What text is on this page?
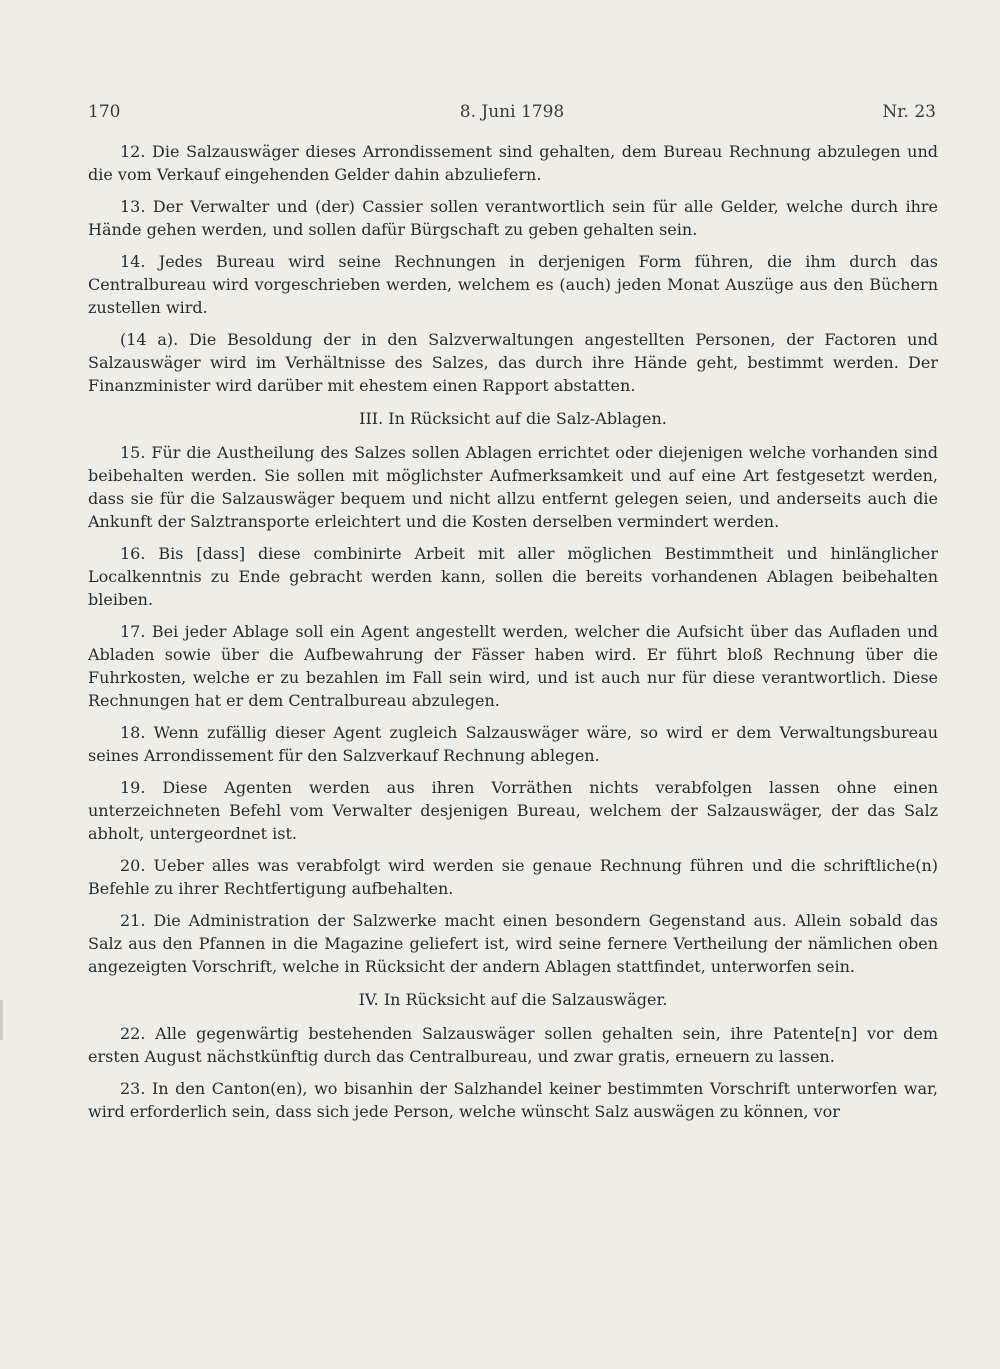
170	8. Juni 1798	Nr. 23

12. Die Salzauswäger dieses Arrondissement sind gehalten, dem Bureau Rechnung abzulegen und die vom Verkauf eingehenden Gelder dahin abzuliefern.

13. Der Verwalter und (der) Cassier sollen verantwortlich sein für alle Gelder, welche durch ihre Hände gehen werden, und sollen dafür Bürgschaft zu geben gehalten sein.

14. Jedes Bureau wird seine Rechnungen in derjenigen Form führen, die ihm durch das Centralbureau wird vorgeschrieben werden, welchem es (auch) jeden Monat Auszüge aus den Büchern zustellen wird.

(14 a). Die Besoldung der in den Salzverwaltungen angestellten Personen, der Factoren und Salzauswäger wird im Verhältnisse des Salzes, das durch ihre Hände geht, bestimmt werden. Der Finanzminister wird darüber mit ehestem einen Rapport abstatten.

III. In Rücksicht auf die Salz-Ablagen.

15. Für die Austheilung des Salzes sollen Ablagen errichtet oder diejenigen welche vorhanden sind beibehalten werden. Sie sollen mit möglichster Aufmerksamkeit und auf eine Art festgesetzt werden, dass sie für die Salzauswäger bequem und nicht allzu entfernt gelegen seien, und anderseits auch die Ankunft der Salztransporte erleichtert und die Kosten derselben vermindert werden.

16. Bis [dass] diese combinirte Arbeit mit aller möglichen Bestimmtheit und hinlänglicher Localkenntnis zu Ende gebracht werden kann, sollen die bereits vorhandenen Ablagen beibehalten bleiben.

17. Bei jeder Ablage soll ein Agent angestellt werden, welcher die Aufsicht über das Aufladen und Abladen sowie über die Aufbewahrung der Fässer haben wird. Er führt bloß Rechnung über die Fuhrkosten, welche er zu bezahlen im Fall sein wird, und ist auch nur für diese verantwortlich. Diese Rechnungen hat er dem Centralbureau abzulegen.

18. Wenn zufällig dieser Agent zugleich Salzauswäger wäre, so wird er dem Verwaltungsbureau seines Arrondissement für den Salzverkauf Rechnung ablegen.

19. Diese Agenten werden aus ihren Vorräthen nichts verabfolgen lassen ohne einen unterzeichneten Befehl vom Verwalter desjenigen Bureau, welchem der Salzauswäger, der das Salz abholt, untergeordnet ist.

20. Ueber alles was verabfolgt wird werden sie genaue Rechnung führen und die schriftliche(n) Befehle zu ihrer Rechtfertigung aufbehalten.

21. Die Administration der Salzwerke macht einen besondern Gegenstand aus. Allein sobald das Salz aus den Pfannen in die Magazine geliefert ist, wird seine fernere Vertheilung der nämlichen oben angezeigten Vorschrift, welche in Rücksicht der andern Ablagen stattfindet, unterworfen sein.

IV. In Rücksicht auf die Salzauswäger.

22. Alle gegenwärtig bestehenden Salzauswäger sollen gehalten sein, ihre Patente[n] vor dem ersten August nächstkünftig durch das Centralbureau, und zwar gratis, erneuern zu lassen.

23. In den Canton(en), wo bisanhin der Salzhandel keiner bestimmten Vorschrift unterworfen war, wird erforderlich sein, dass sich jede Person, welche wünscht Salz auswägen zu können, vor
